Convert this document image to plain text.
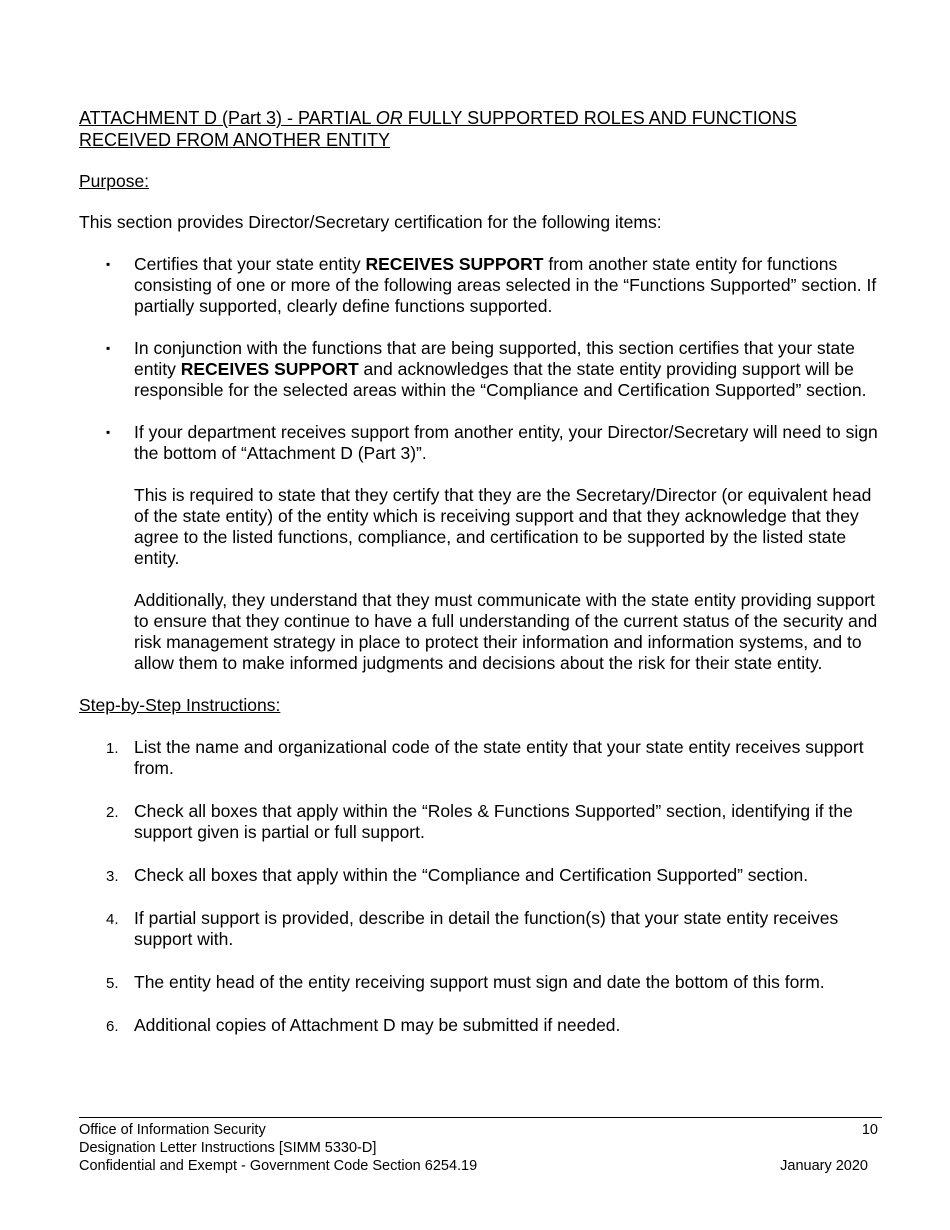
ATTACHMENT D (Part 3) - PARTIAL OR FULLY SUPPORTED ROLES AND FUNCTIONS RECEIVED FROM ANOTHER ENTITY

Purpose:

This section provides Director/Secretary certification for the following items:

▪ Certifies that your state entity RECEIVES SUPPORT from another state entity for functions consisting of one or more of the following areas selected in the “Functions Supported” section. If partially supported, clearly define functions supported.

▪ In conjunction with the functions that are being supported, this section certifies that your state entity RECEIVES SUPPORT and acknowledges that the state entity providing support will be responsible for the selected areas within the “Compliance and Certification Supported” section.

▪ If your department receives support from another entity, your Director/Secretary will need to sign the bottom of “Attachment D (Part 3)”.

This is required to state that they certify that they are the Secretary/Director (or equivalent head of the state entity) of the entity which is receiving support and that they acknowledge that they agree to the listed functions, compliance, and certification to be supported by the listed state entity.

Additionally, they understand that they must communicate with the state entity providing support to ensure that they continue to have a full understanding of the current status of the security and risk management strategy in place to protect their information and information systems, and to allow them to make informed judgments and decisions about the risk for their state entity.

Step-by-Step Instructions:

1. List the name and organizational code of the state entity that your state entity receives support from.
2. Check all boxes that apply within the “Roles & Functions Supported” section, identifying if the support given is partial or full support.
3. Check all boxes that apply within the “Compliance and Certification Supported” section.
4. If partial support is provided, describe in detail the function(s) that your state entity receives support with.
5. The entity head of the entity receiving support must sign and date the bottom of this form.
6. Additional copies of Attachment D may be submitted if needed.
Office of Information Security	10
Designation Letter Instructions [SIMM 5330-D]
Confidential and Exempt - Government Code Section 6254.19	January 2020
